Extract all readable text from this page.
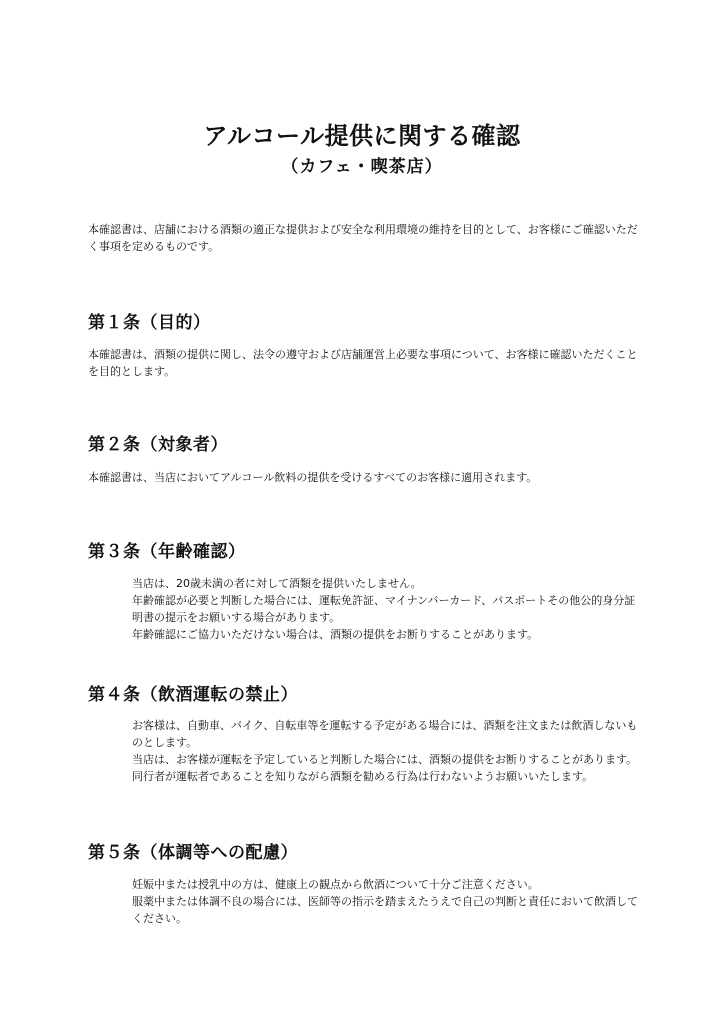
アルコール提供に関する確認
（カフェ・喫茶店）
本確認書は、店舗における酒類の適正な提供および安全な利用環境の維持を目的として、お客様にご確認いただく事項を定めるものです。
第１条（目的）

本確認書は、酒類の提供に関し、法令の遵守および店舗運営上必要な事項について、お客様に確認いただくことを目的とします。

第２条（対象者）

本確認書は、当店においてアルコール飲料の提供を受けるすべてのお客様に適用されます。

第３条（年齢確認）

当店は、20歳未満の者に対して酒類を提供いたしません。

年齢確認が必要と判断した場合には、運転免許証、マイナンバーカード、パスポートその他公的身分証明書の提示をお願いする場合があります。

年齢確認にご協力いただけない場合は、酒類の提供をお断りすることがあります。

第４条（飲酒運転の禁止）

お客様は、自動車、バイク、自転車等を運転する予定がある場合には、酒類を注文または飲酒しないものとします。

当店は、お客様が運転を予定していると判断した場合には、酒類の提供をお断りすることがあります。

同行者が運転者であることを知りながら酒類を勧める行為は行わないようお願いいたします。

第５条（体調等への配慮）

妊娠中または授乳中の方は、健康上の観点から飲酒について十分ご注意ください。

服薬中または体調不良の場合には、医師等の指示を踏まえたうえで自己の判断と責任において飲酒してください。
